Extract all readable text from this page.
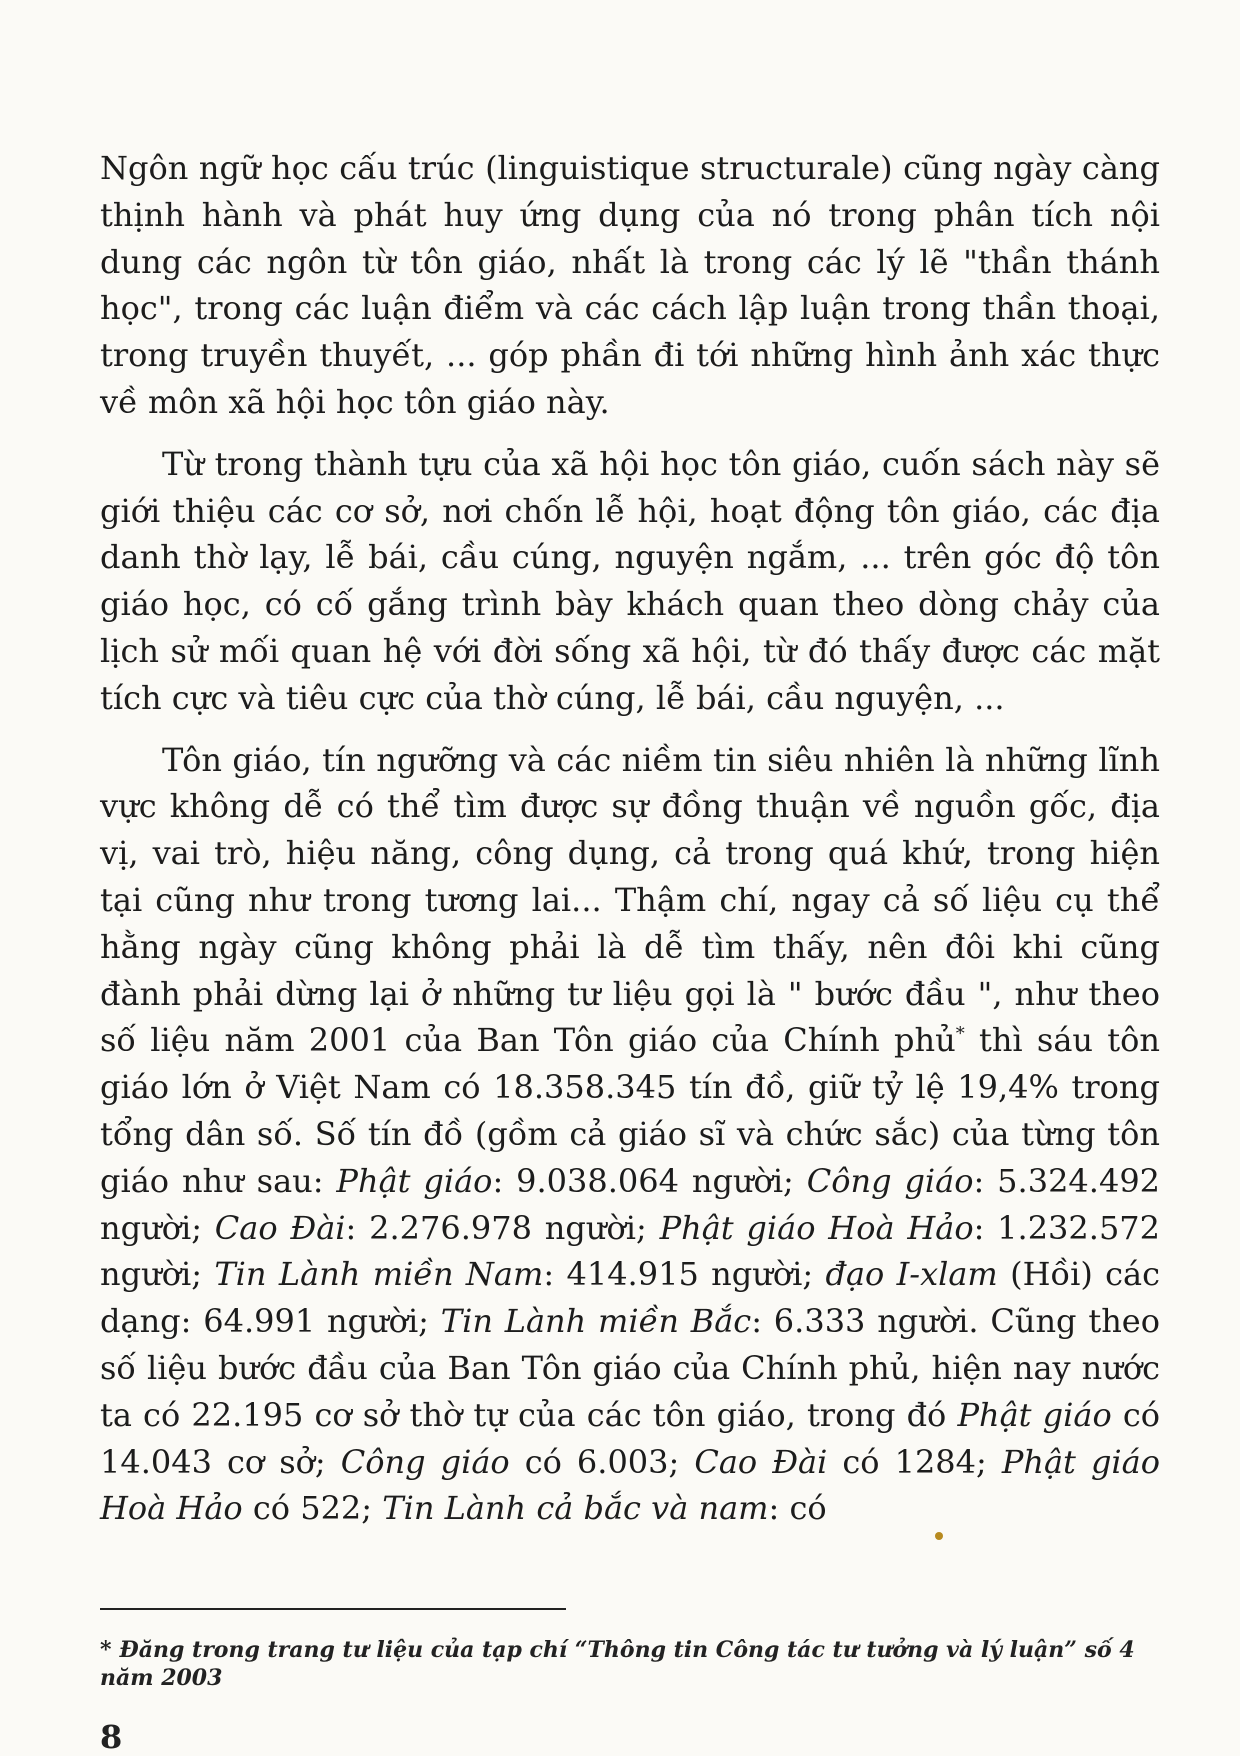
Ngôn ngữ học cấu trúc (linguistique structurale) cũng ngày càng thịnh hành và phát huy ứng dụng của nó trong phân tích nội dung các ngôn từ tôn giáo, nhất là trong các lý lẽ "thần thánh học", trong các luận điểm và các cách lập luận trong thần thoại, trong truyền thuyết, ... góp phần đi tới những hình ảnh xác thực về môn xã hội học tôn giáo này.

Từ trong thành tựu của xã hội học tôn giáo, cuốn sách này sẽ giới thiệu các cơ sở, nơi chốn lễ hội, hoạt động tôn giáo, các địa danh thờ lạy, lễ bái, cầu cúng, nguyện ngắm, ... trên góc độ tôn giáo học, có cố gắng trình bày khách quan theo dòng chảy của lịch sử mối quan hệ với đời sống xã hội, từ đó thấy được các mặt tích cực và tiêu cực của thờ cúng, lễ bái, cầu nguyện, ...

Tôn giáo, tín ngưỡng và các niềm tin siêu nhiên là những lĩnh vực không dễ có thể tìm được sự đồng thuận về nguồn gốc, địa vị, vai trò, hiệu năng, công dụng, cả trong quá khứ, trong hiện tại cũng như trong tương lai... Thậm chí, ngay cả số liệu cụ thể hằng ngày cũng không phải là dễ tìm thấy, nên đôi khi cũng đành phải dừng lại ở những tư liệu gọi là " bước đầu ", như theo số liệu năm 2001 của Ban Tôn giáo của Chính phủ* thì sáu tôn giáo lớn ở Việt Nam có 18.358.345 tín đồ, giữ tỷ lệ 19,4% trong tổng dân số. Số tín đồ (gồm cả giáo sĩ và chức sắc) của từng tôn giáo như sau: Phật giáo: 9.038.064 người; Công giáo: 5.324.492 người; Cao Đài: 2.276.978 người; Phật giáo Hoà Hảo: 1.232.572 người; Tin Lành miền Nam: 414.915 người; đạo I-xlam (Hồi) các dạng: 64.991 người; Tin Lành miền Bắc: 6.333 người. Cũng theo số liệu bước đầu của Ban Tôn giáo của Chính phủ, hiện nay nước ta có 22.195 cơ sở thờ tự của các tôn giáo, trong đó Phật giáo có 14.043 cơ sở; Công giáo có 6.003; Cao Đài có 1284; Phật giáo Hoà Hảo có 522; Tin Lành cả bắc và nam: có

* Đăng trong trang tư liệu của tạp chí “Thông tin Công tác tư tưởng và lý luận” số 4 năm 2003
8
